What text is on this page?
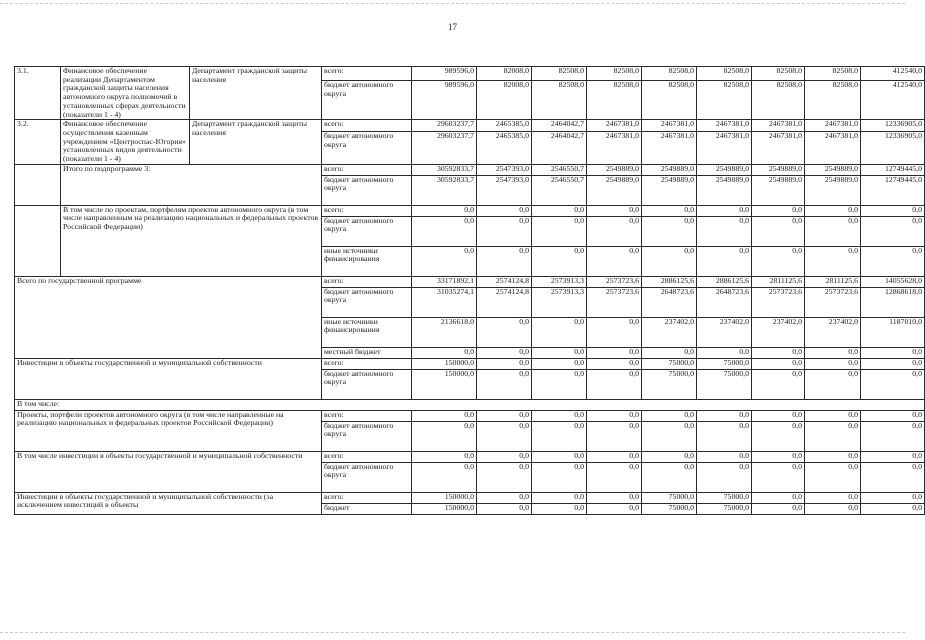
17
3.1.	Финансовое обеспечение реализации Департаментом гражданской защиты населения автономного округа полномочий в установленных сферах деятельности (показатели 1 - 4)	Департамент гражданской защиты населения	всего:	989596,0	82008,0	82508,0	82508,0	82508,0	82508,0	82508,0	82508,0	412540,0
			бюджет автономного округа	989596,0	82008,0	82508,0	82508,0	82508,0	82508,0	82508,0	82508,0	412540,0
3.2.	Финансовое обеспечение осуществления казенным учреждением «Центроспас-Югория» установленных видов деятельности (показатели 1 - 4)	Департамент гражданской защиты населения	всего:	29603237,7	2465385,0	2464042,7	2467381,0	2467381,0	2467381,0	2467381,0	2467381,0	12336905,0
			бюджет автономного округа	29603237,7	2465385,0	2464042,7	2467381,0	2467381,0	2467381,0	2467381,0	2467381,0	12336905,0
	Итого по подпрограмме 3:		всего:	30592833,7	2547393,0	2546550,7	2549889,0	2549889,0	2549889,0	2549889,0	2549889,0	12749445,0
			бюджет автономного округа	30592833,7	2547393,0	2546550,7	2549889,0	2549889,0	2549889,0	2549889,0	2549889,0	12749445,0
	В том числе по проектам, портфелям проектов автономного округа (в том числе направленным на реализацию национальных и федеральных проектов Российской Федерации)		всего:	0,0	0,0	0,0	0,0	0,0	0,0	0,0	0,0	0,0
			бюджет автономного округа	0,0	0,0	0,0	0,0	0,0	0,0	0,0	0,0	0,0
			иные источники финансирования	0,0	0,0	0,0	0,0	0,0	0,0	0,0	0,0	0,0
Всего по государственной программе			всего:	33171892,1	2574124,8	2573913,3	2573723,6	2886125,6	2886125,6	2811125,6	2811125,6	14055628,0
			бюджет автономного округа	31035274,1	2574124,8	2573913,3	2573723,6	2648723,6	2648723,6	2573723,6	2573723,6	12868618,0
			иные источники финансирования	2136618,0	0,0	0,0	0,0	237402,0	237402,0	237402,0	237402,0	1187010,0
			местный бюджет	0,0	0,0	0,0	0,0	0,0	0,0	0,0	0,0	0,0
Инвестиции в объекты государственной и муниципальной собственности			всего:	150000,0	0,0	0,0	0,0	75000,0	75000,0	0,0	0,0	0,0
			бюджет автономного округа	150000,0	0,0	0,0	0,0	75000,0	75000,0	0,0	0,0	0,0
В том числе:												
Проекты, портфели проектов автономного округа (в том числе направленные на реализацию национальных и федеральных проектов Российской Федерации)			всего:	0,0	0,0	0,0	0,0	0,0	0,0	0,0	0,0	0,0
			бюджет автономного округа	0,0	0,0	0,0	0,0	0,0	0,0	0,0	0,0	0,0
В том числе инвестиции в объекты государственной и муниципальной собственности			всего:	0,0	0,0	0,0	0,0	0,0	0,0	0,0	0,0	0,0
			бюджет автономного округа	0,0	0,0	0,0	0,0	0,0	0,0	0,0	0,0	0,0
Инвестиции в объекты государственной и муниципальной собственности (за исключением инвестиций в объекты			всего:	150000,0	0,0	0,0	0,0	75000,0	75000,0	0,0	0,0	0,0
			бюджет	150000,0	0,0	0,0	0,0	75000,0	75000,0	0,0	0,0	0,0
